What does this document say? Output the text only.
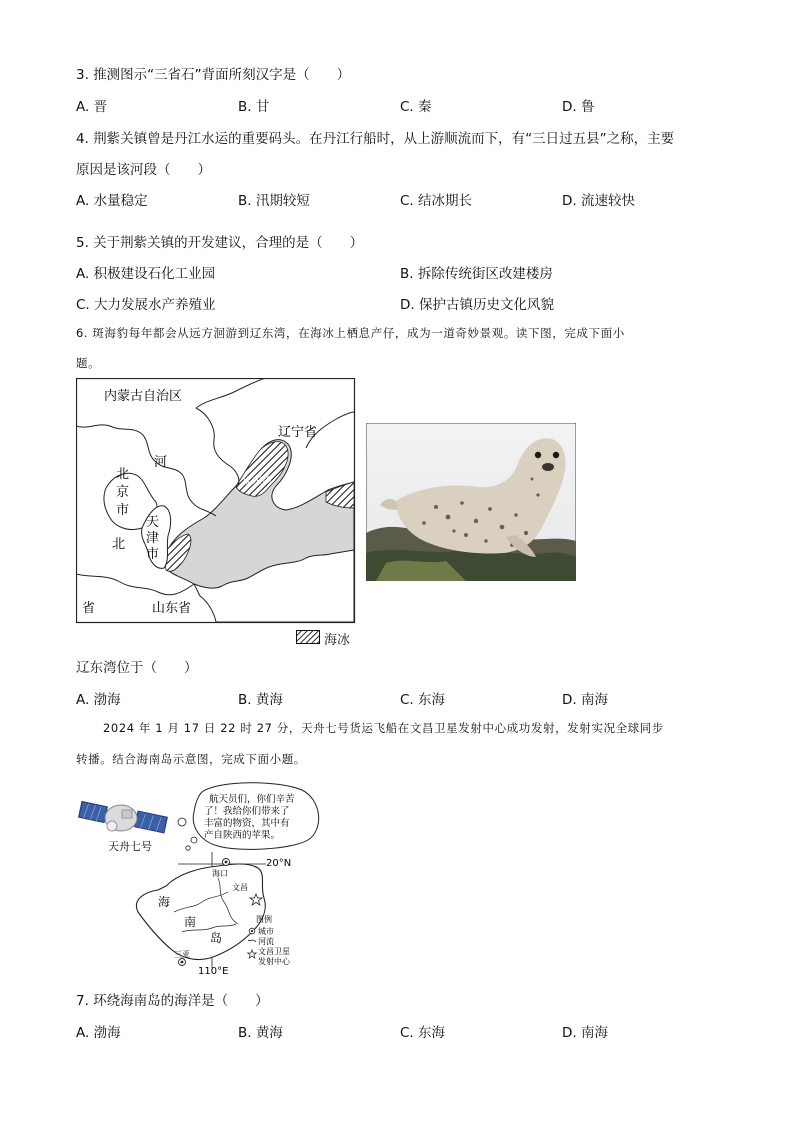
3. 推测图示“三省石”背面所刻汉字是（　　）
A. 晋	B. 甘	C. 秦	D. 鲁
4. 荆紫关镇曾是丹江水运的重要码头。在丹江行船时，从上游顺流而下，有“三日过五县”之称，主要
原因是该河段（　　）
A. 水量稳定	B. 汛期较短	C. 结冰期长	D. 流速较快
5. 关于荆紫关镇的开发建议，合理的是（　　）
A. 积极建设石化工业园	B. 拆除传统街区改建楼房
C. 大力发展水产养殖业	D. 保护古镇历史文化风貌
6. 斑海豹每年都会从远方洄游到辽东湾，在海冰上栖息产仔，成为一道奇妙景观。读下图，完成下面小
题。
内蒙古自治区
辽宁省
河
北
省
北
京
市
天
津
市
山东省
辽东湾
海冰
辽东湾位于（　　）
A. 渤海	B. 黄海	C. 东海	D. 南海
2024 年 1 月 17 日 22 时 27 分，天舟七号货运飞船在文昌卫星发射中心成功发射，发射实况全球同步
转播。结合海南岛示意图，完成下面小题。
天舟七号
航天员们，你们辛苦
了！我给你们带来了
丰富的物资，其中有
产自陕西的苹果。
20°N
110°E
海口
文昌
三亚
海
南
岛
图例
城市
河流
文昌卫星
发射中心
7. 环绕海南岛的海洋是（　　）
A. 渤海	B. 黄海	C. 东海	D. 南海
